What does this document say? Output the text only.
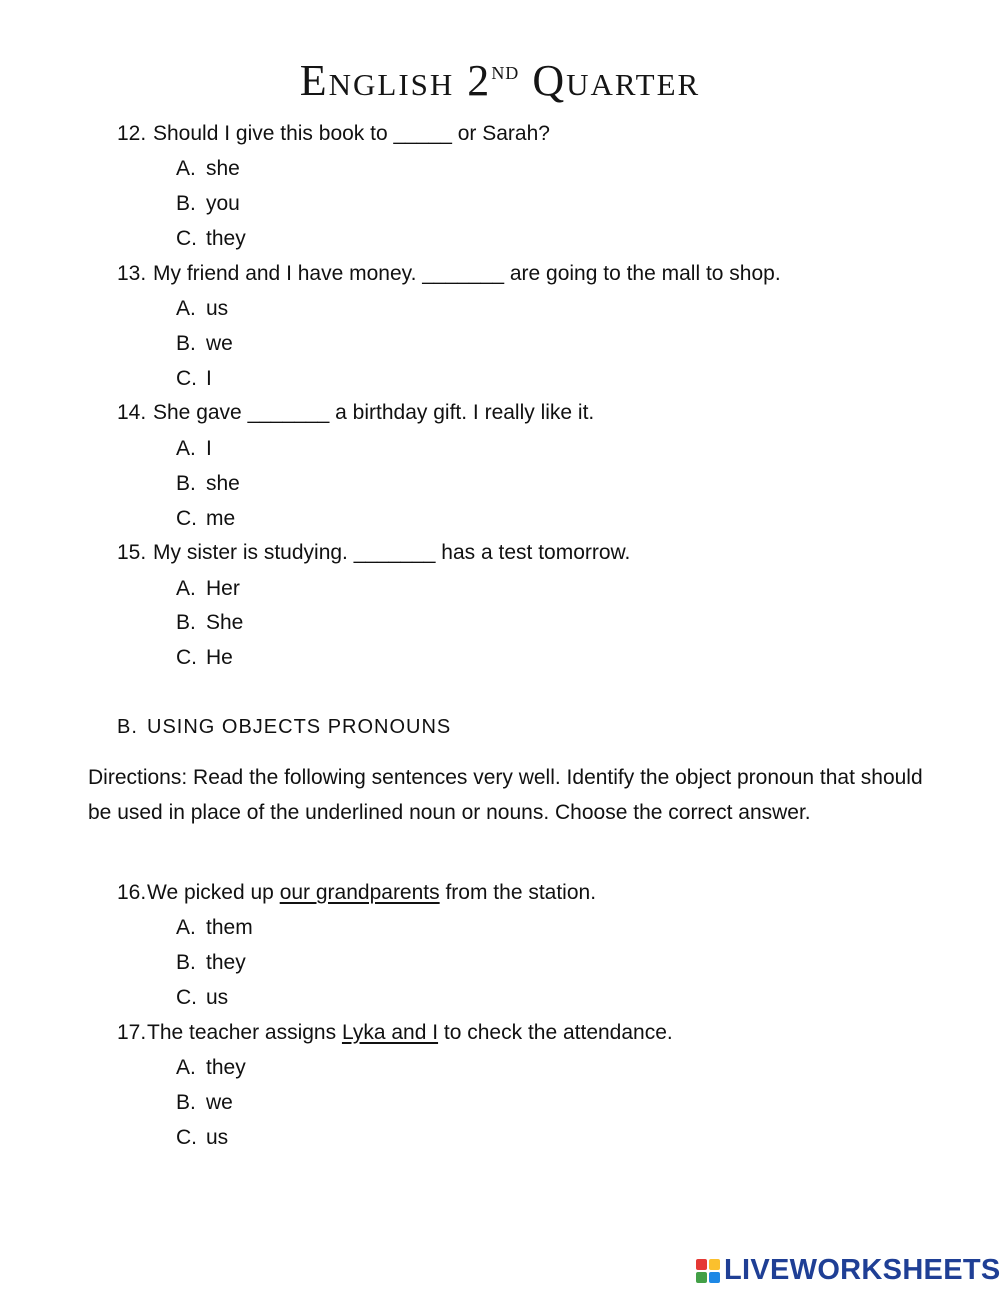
English 2nd Quarter
12. Should I give this book to _____ or Sarah?
A. she
B. you
C. they
13. My friend and I have money. _______ are going to the mall to shop.
A. us
B. we
C. I
14. She gave _______ a birthday gift. I really like it.
A. I
B. she
C. me
15. My sister is studying. _______ has a test tomorrow.
A. Her
B. She
C. He
B. USING OBJECTS PRONOUNS
Directions: Read the following sentences very well. Identify the object pronoun that should be used in place of the underlined noun or nouns. Choose the correct answer.
16.We picked up our grandparents from the station.
A. them
B. they
C. us
17.The teacher assigns Lyka and I to check the attendance.
A. they
B. we
C. us
LIVEWORKSHEETS
